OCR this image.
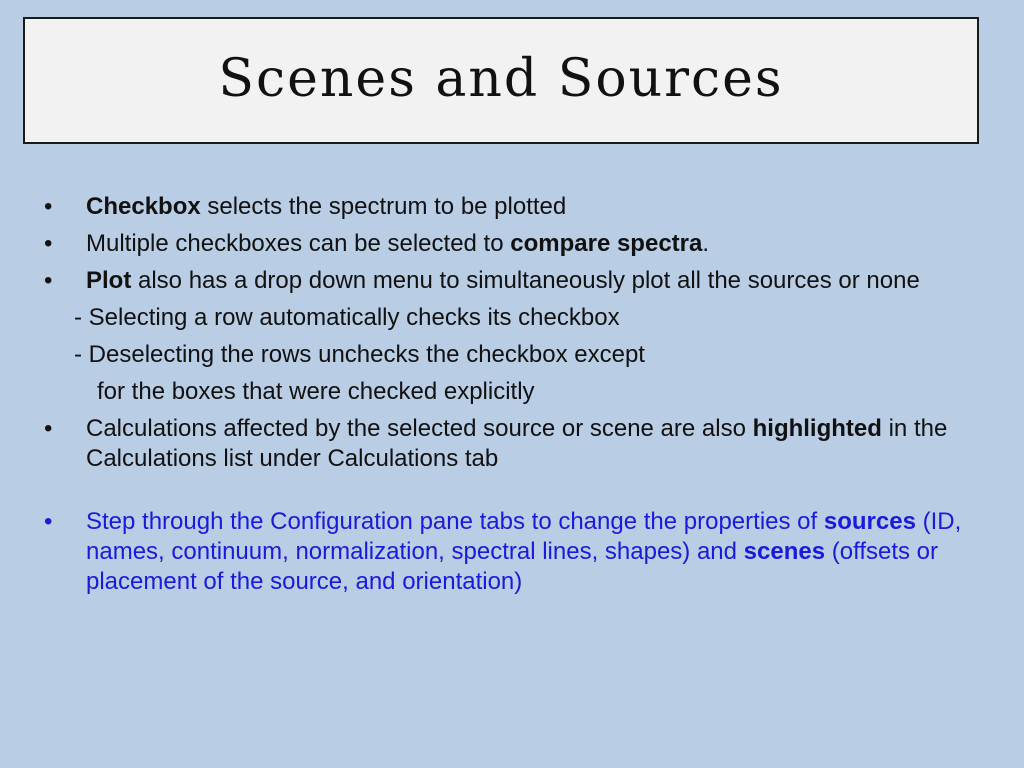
Scenes and Sources
•	Checkbox selects the spectrum to be plotted
•	Multiple checkboxes can be selected to compare spectra.
•	Plot also has a drop down menu to simultaneously plot all the sources or none
- Selecting a row automatically checks its checkbox
- Deselecting the rows unchecks the checkbox except
for the boxes that were checked explicitly
•	Calculations affected by the selected source or scene are also highlighted in the Calculations list under Calculations tab
•	Step through the Configuration pane tabs to change the properties of sources (ID, names, continuum, normalization, spectral lines, shapes) and scenes (offsets or placement of the source, and orientation)
